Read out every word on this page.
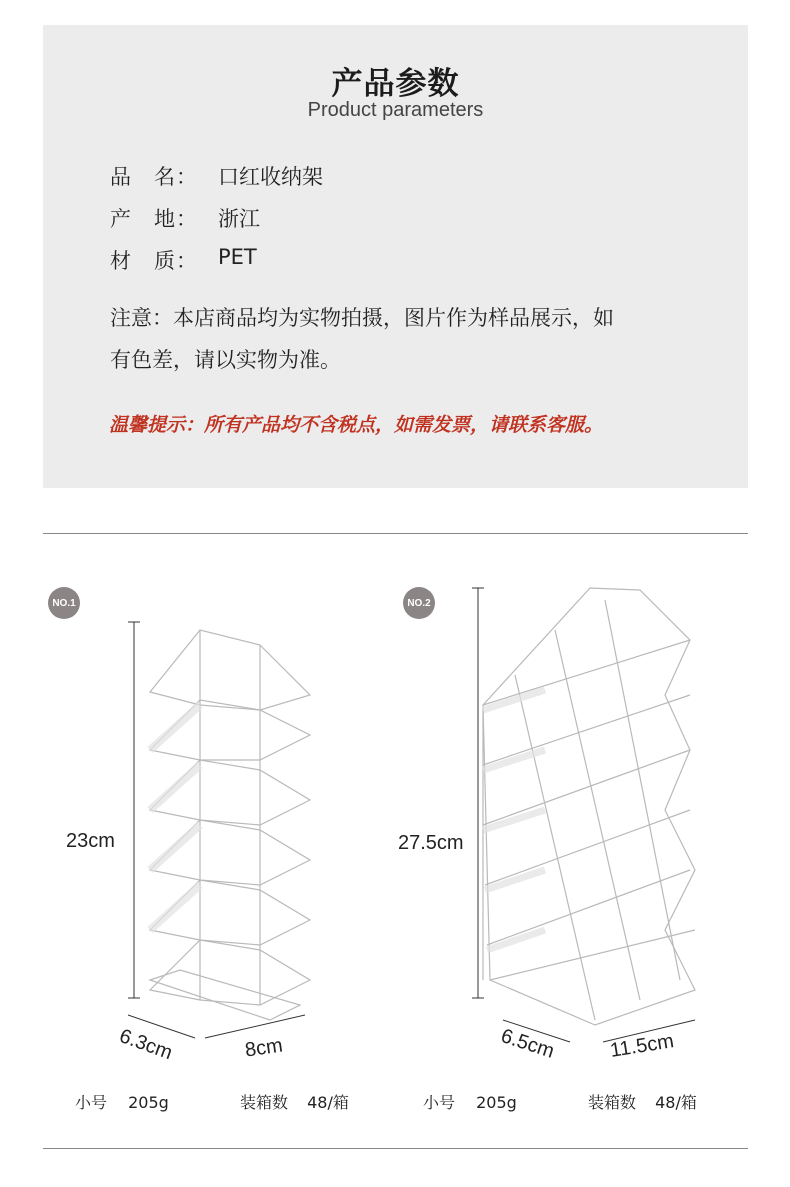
产品参数
Product parameters
品　名： 口红收纳架
产　地： 浙江
材　质： PET
注意：本店商品均为实物拍摄，图片作为样品展示，如
有色差，请以实物为准。
温馨提示：所有产品均不含税点，如需发票，请联系客服。
NO.1
23cm
6.3cm	8cm
NO.2
27.5cm
6.5cm	11.5cm
小号 205g	装箱数 48/箱	小号 205g	装箱数 48/箱
